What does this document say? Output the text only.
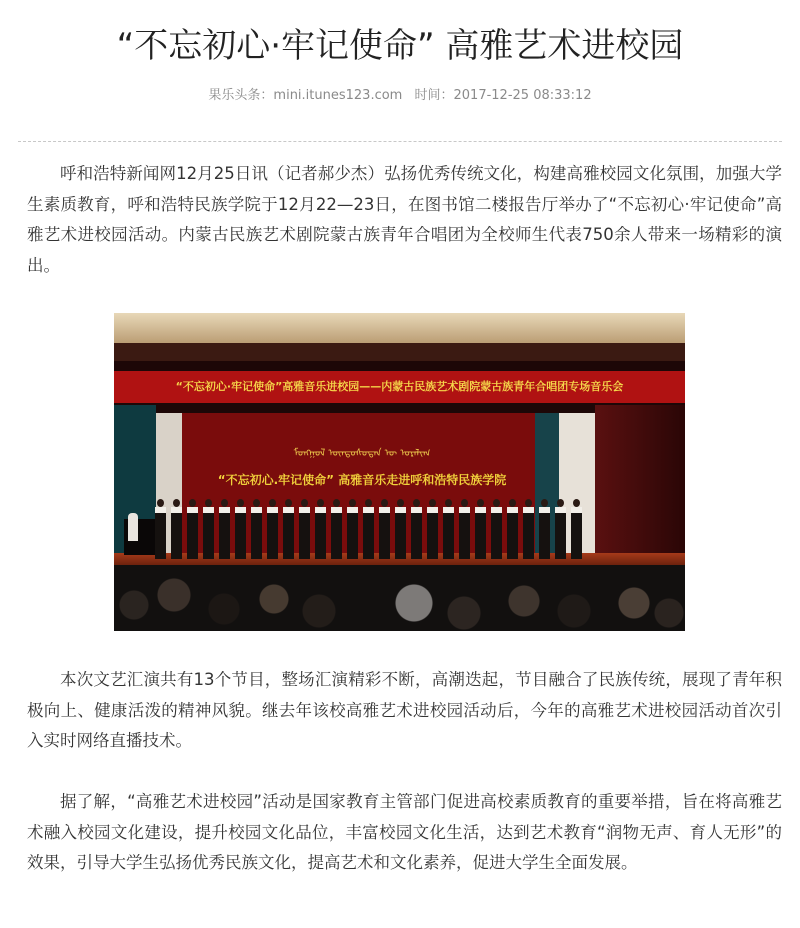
“不忘初心·牢记使命” 高雅艺术进校园
果乐头条：mini.itunes123.com 时间：2017-12-25 08:33:12

呼和浩特新闻网12月25日讯（记者郝少杰）弘扬优秀传统文化，构建高雅校园文化氛围，加强大学生素质教育，呼和浩特民族学院于12月22—23日，在图书馆二楼报告厅举办了“不忘初心·牢记使命”高雅艺术进校园活动。内蒙古民族艺术剧院蒙古族青年合唱团为全校师生代表750余人带来一场精彩的演出。

“不忘初心·牢记使命”高雅音乐进校园——内蒙古民族艺术剧院蒙古族青年合唱团专场音乐会
ᠮᠣᠩᠭᠣᠯ ᠦᠨᠳᠦᠰᠦᠲᠡᠨ ᠦ ᠤᠷᠠᠯᠢᠭ
“不忘初心.牢记使命” 高雅音乐走进呼和浩特民族学院

本次文艺汇演共有13个节目，整场汇演精彩不断，高潮迭起，节目融合了民族传统，展现了青年积极向上、健康活泼的精神风貌。继去年该校高雅艺术进校园活动后，今年的高雅艺术进校园活动首次引入实时网络直播技术。

据了解，“高雅艺术进校园”活动是国家教育主管部门促进高校素质教育的重要举措，旨在将高雅艺术融入校园文化建设，提升校园文化品位，丰富校园文化生活，达到艺术教育“润物无声、育人无形”的效果，引导大学生弘扬优秀民族文化，提高艺术和文化素养，促进大学生全面发展。
